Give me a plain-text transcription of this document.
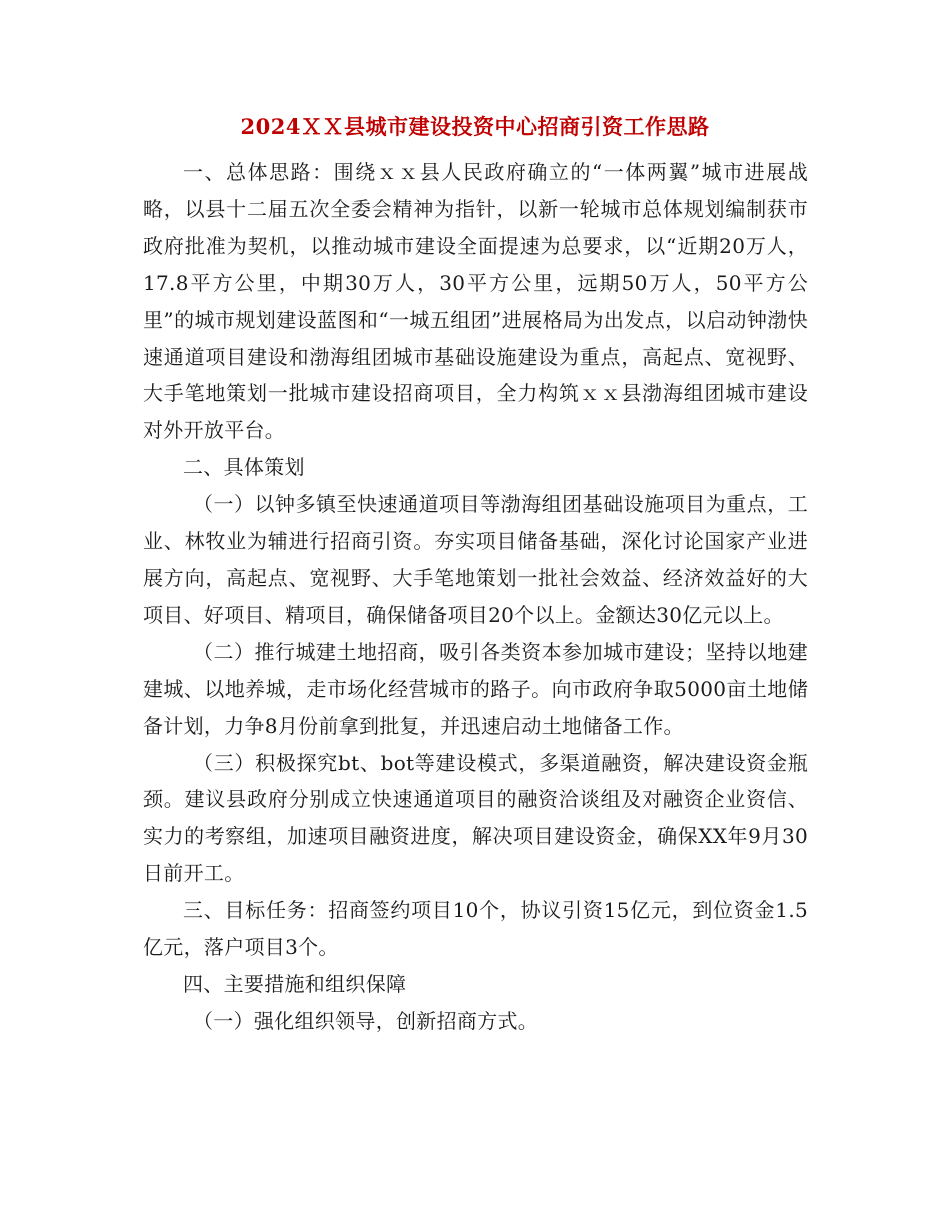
2024ＸＸ县城市建设投资中心招商引资工作思路

一、总体思路：围绕ｘｘ县人民政府确立的“一体两翼”城市进展战略，以县十二届五次全委会精神为指针，以新一轮城市总体规划编制获市政府批准为契机，以推动城市建设全面提速为总要求，以“近期20万人，17.8平方公里，中期30万人，30平方公里，远期50万人，50平方公里”的城市规划建设蓝图和“一城五组团”进展格局为出发点，以启动钟渤快速通道项目建设和渤海组团城市基础设施建设为重点，高起点、宽视野、大手笔地策划一批城市建设招商项目，全力构筑ｘｘ县渤海组团城市建设对外开放平台。

二、具体策划

（一）以钟多镇至快速通道项目等渤海组团基础设施项目为重点，工业、林牧业为辅进行招商引资。夯实项目储备基础，深化讨论国家产业进展方向，高起点、宽视野、大手笔地策划一批社会效益、经济效益好的大项目、好项目、精项目，确保储备项目20个以上。金额达30亿元以上。

（二）推行城建土地招商，吸引各类资本参加城市建设；坚持以地建建城、以地养城，走市场化经营城市的路子。向市政府争取5000亩土地储备计划，力争8月份前拿到批复，并迅速启动土地储备工作。

（三）积极探究bt、bot等建设模式，多渠道融资，解决建设资金瓶颈。建议县政府分别成立快速通道项目的融资洽谈组及对融资企业资信、实力的考察组，加速项目融资进度，解决项目建设资金，确保XX年9月30日前开工。

三、目标任务：招商签约项目10个，协议引资15亿元，到位资金1.5亿元，落户项目3个。

四、主要措施和组织保障

（一）强化组织领导，创新招商方式。
